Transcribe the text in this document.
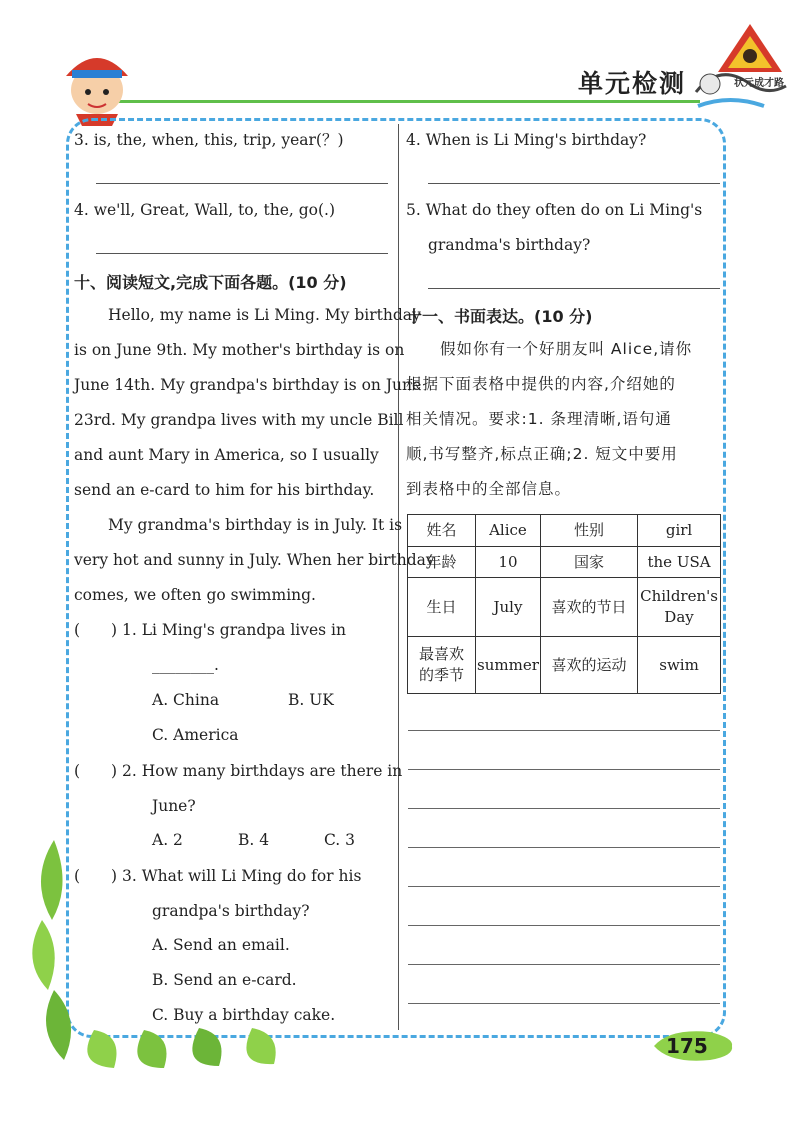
单元检测	状元成才路
3. is, the, when, this, trip, year(？)
4. we'll, Great, Wall, to, the, go(.)
十、阅读短文,完成下面各题。(10 分)
Hello, my name is Li Ming. My birthday
is on June 9th. My mother's birthday is on
June 14th. My grandpa's birthday is on June
23rd. My grandpa lives with my uncle Bill
and aunt Mary in America, so I usually
send an e-card to him for his birthday.
My grandma's birthday is in July. It is
very hot and sunny in July. When her birthday
comes, we often go swimming.
(　　) 1. Li Ming's grandpa lives in
________.
A. China	B. UK
C. America
(　　) 2. How many birthdays are there in
June?
A. 2	B. 4	C. 3
(　　) 3. What will Li Ming do for his
grandpa's birthday?
A. Send an email.
B. Send an e-card.
C. Buy a birthday cake.
4. When is Li Ming's birthday?
5. What do they often do on Li Ming's
grandma's birthday?
十一、书面表达。(10 分)
假如你有一个好朋友叫 Alice,请你
根据下面表格中提供的内容,介绍她的
相关情况。要求:1. 条理清晰,语句通
顺,书写整齐,标点正确;2. 短文中要用
到表格中的全部信息。
姓名	Alice	性别	girl
年龄	10	国家	the USA
生日	July	喜欢的节日	Children's Day
最喜欢的季节	summer	喜欢的运动	swim
175
